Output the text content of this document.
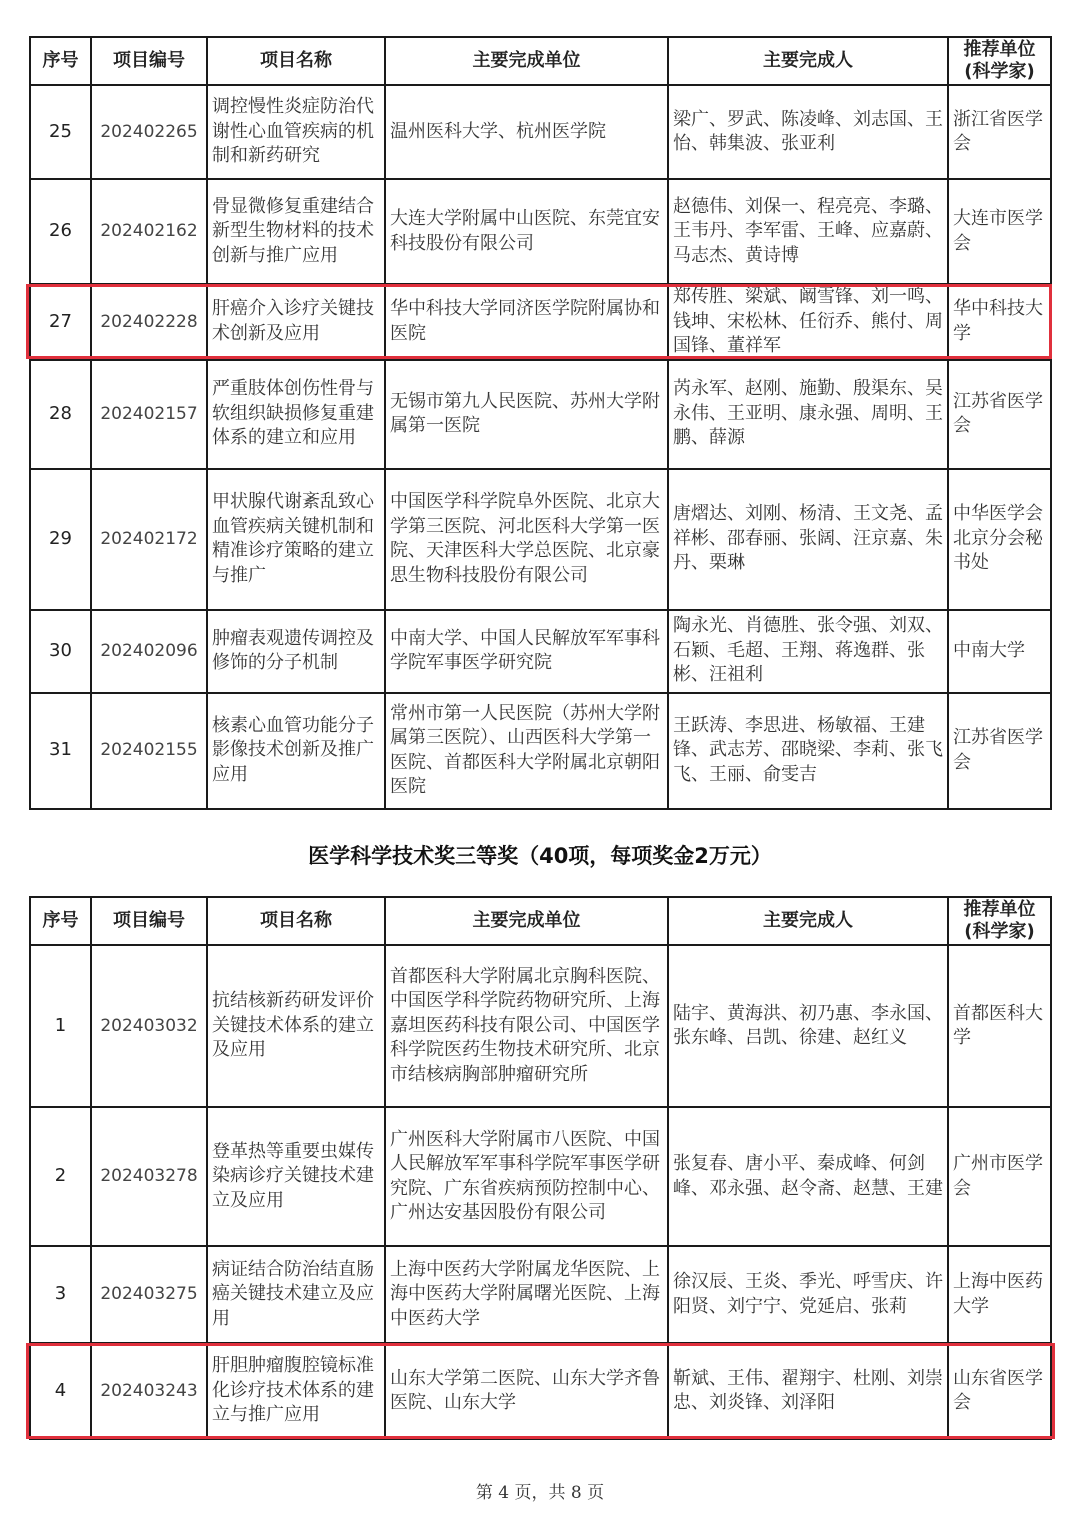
序号	项目编号	项目名称	主要完成单位	主要完成人	推荐单位
(科学家)
25	202402265	调控慢性炎症防治代谢性心血管疾病的机制和新药研究	温州医科大学、杭州医学院	梁广、罗武、陈凌峰、刘志国、王怡、韩集波、张亚利	浙江省医学会
26	202402162	骨显微修复重建结合新型生物材料的技术创新与推广应用	大连大学附属中山医院、东莞宜安科技股份有限公司	赵德伟、刘保一、程亮亮、李璐、王韦丹、李军雷、王峰、应嘉蔚、马志杰、黄诗博	大连市医学会
27	202402228	肝癌介入诊疗关键技术创新及应用	华中科技大学同济医学院附属协和医院	郑传胜、梁斌、阚雪锋、刘一鸣、钱坤、宋松林、任衍乔、熊付、周国锋、董祥军	华中科技大学
28	202402157	严重肢体创伤性骨与软组织缺损修复重建体系的建立和应用	无锡市第九人民医院、苏州大学附属第一医院	芮永军、赵刚、施勤、殷渠东、吴永伟、王亚明、康永强、周明、王鹏、薛源	江苏省医学会
29	202402172	甲状腺代谢紊乱致心血管疾病关键机制和精准诊疗策略的建立与推广	中国医学科学院阜外医院、北京大学第三医院、河北医科大学第一医院、天津医科大学总医院、北京豪思生物科技股份有限公司	唐熠达、刘刚、杨清、王文尧、孟祥彬、邵春丽、张阔、汪京嘉、朱丹、栗琳	中华医学会北京分会秘书处
30	202402096	肿瘤表观遗传调控及修饰的分子机制	中南大学、中国人民解放军军事科学院军事医学研究院	陶永光、肖德胜、张令强、刘双、石颖、毛超、王翔、蒋逸群、张彬、汪祖利	中南大学
31	202402155	核素心血管功能分子影像技术创新及推广应用	常州市第一人民医院（苏州大学附属第三医院）、山西医科大学第一医院、首都医科大学附属北京朝阳医院	王跃涛、李思进、杨敏福、王建锋、武志芳、邵晓梁、李莉、张飞飞、王丽、俞雯吉	江苏省医学会
医学科学技术奖三等奖（40项，每项奖金2万元）
序号	项目编号	项目名称	主要完成单位	主要完成人	推荐单位
(科学家)
1	202403032	抗结核新药研发评价关键技术体系的建立及应用	首都医科大学附属北京胸科医院、中国医学科学院药物研究所、上海嘉坦医药科技有限公司、中国医学科学院医药生物技术研究所、北京市结核病胸部肿瘤研究所	陆宇、黄海洪、初乃惠、李永国、张东峰、吕凯、徐建、赵红义	首都医科大学
2	202403278	登革热等重要虫媒传染病诊疗关键技术建立及应用	广州医科大学附属市八医院、中国人民解放军军事科学院军事医学研究院、广东省疾病预防控制中心、广州达安基因股份有限公司	张复春、唐小平、秦成峰、何剑峰、邓永强、赵令斋、赵慧、王建	广州市医学会
3	202403275	病证结合防治结直肠癌关键技术建立及应用	上海中医药大学附属龙华医院、上海中医药大学附属曙光医院、上海中医药大学	徐汉辰、王炎、季光、呼雪庆、许阳贤、刘宁宁、党延启、张莉	上海中医药大学
4	202403243	肝胆肿瘤腹腔镜标准化诊疗技术体系的建立与推广应用	山东大学第二医院、山东大学齐鲁医院、山东大学	靳斌、王伟、翟翔宇、杜刚、刘崇忠、刘炎锋、刘泽阳	山东省医学会
第 4 页，共 8 页
